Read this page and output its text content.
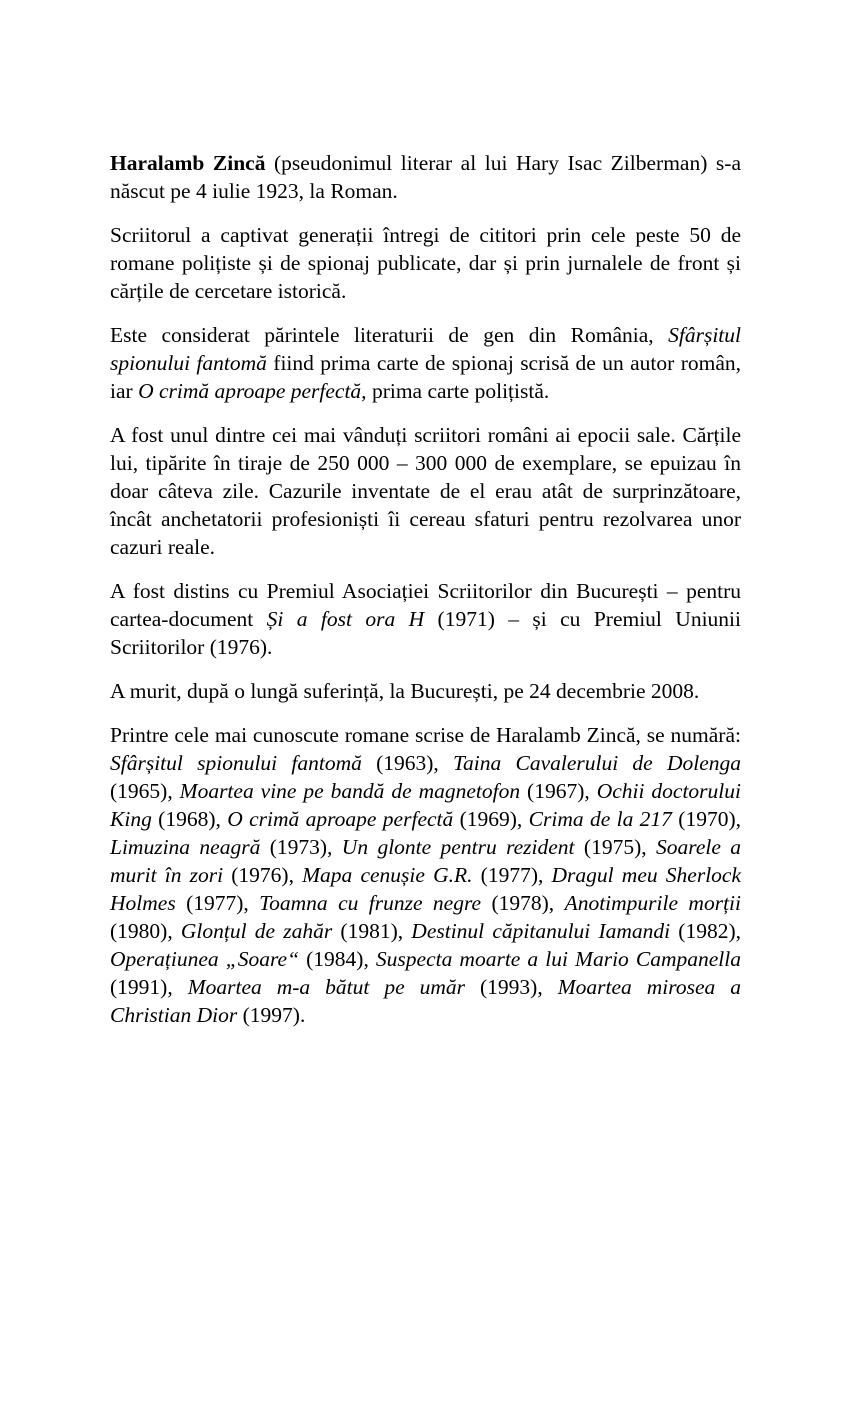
Haralamb Zincă (pseudonimul literar al lui Hary Isac Zilberman) s-a născut pe 4 iulie 1923, la Roman.

Scriitorul a captivat generații întregi de cititori prin cele peste 50 de romane polițiste și de spionaj publicate, dar și prin jurnalele de front și cărțile de cercetare istorică.

Este considerat părintele literaturii de gen din România, Sfârșitul spionului fantomă fiind prima carte de spionaj scrisă de un autor român, iar O crimă aproape perfectă, prima carte polițistă.

A fost unul dintre cei mai vânduți scriitori români ai epocii sale. Cărțile lui, tipărite în tiraje de 250 000 – 300 000 de exemplare, se epuizau în doar câteva zile. Cazurile inventate de el erau atât de surprinzătoare, încât anchetatorii profesioniști îi cereau sfaturi pentru rezolvarea unor cazuri reale.

A fost distins cu Premiul Asociației Scriitorilor din București – pentru cartea-document Și a fost ora H (1971) – și cu Premiul Uniunii Scriitorilor (1976).

A murit, după o lungă suferință, la București, pe 24 decembrie 2008.

Printre cele mai cunoscute romane scrise de Haralamb Zincă, se numără: Sfârșitul spionului fantomă (1963), Taina Cavalerului de Dolenga (1965), Moartea vine pe bandă de magnetofon (1967), Ochii doctorului King (1968), O crimă aproape perfectă (1969), Crima de la 217 (1970), Limuzina neagră (1973), Un glonte pentru rezident (1975), Soarele a murit în zori (1976), Mapa cenușie G.R. (1977), Dragul meu Sherlock Holmes (1977), Toamna cu frunze negre (1978), Anotimpurile morții (1980), Glonțul de zahăr (1981), Destinul căpitanului Iamandi (1982), Operațiunea „Soare“ (1984), Suspecta moarte a lui Mario Campanella (1991), Moartea m-a bătut pe umăr (1993), Moartea mirosea a Christian Dior (1997).
